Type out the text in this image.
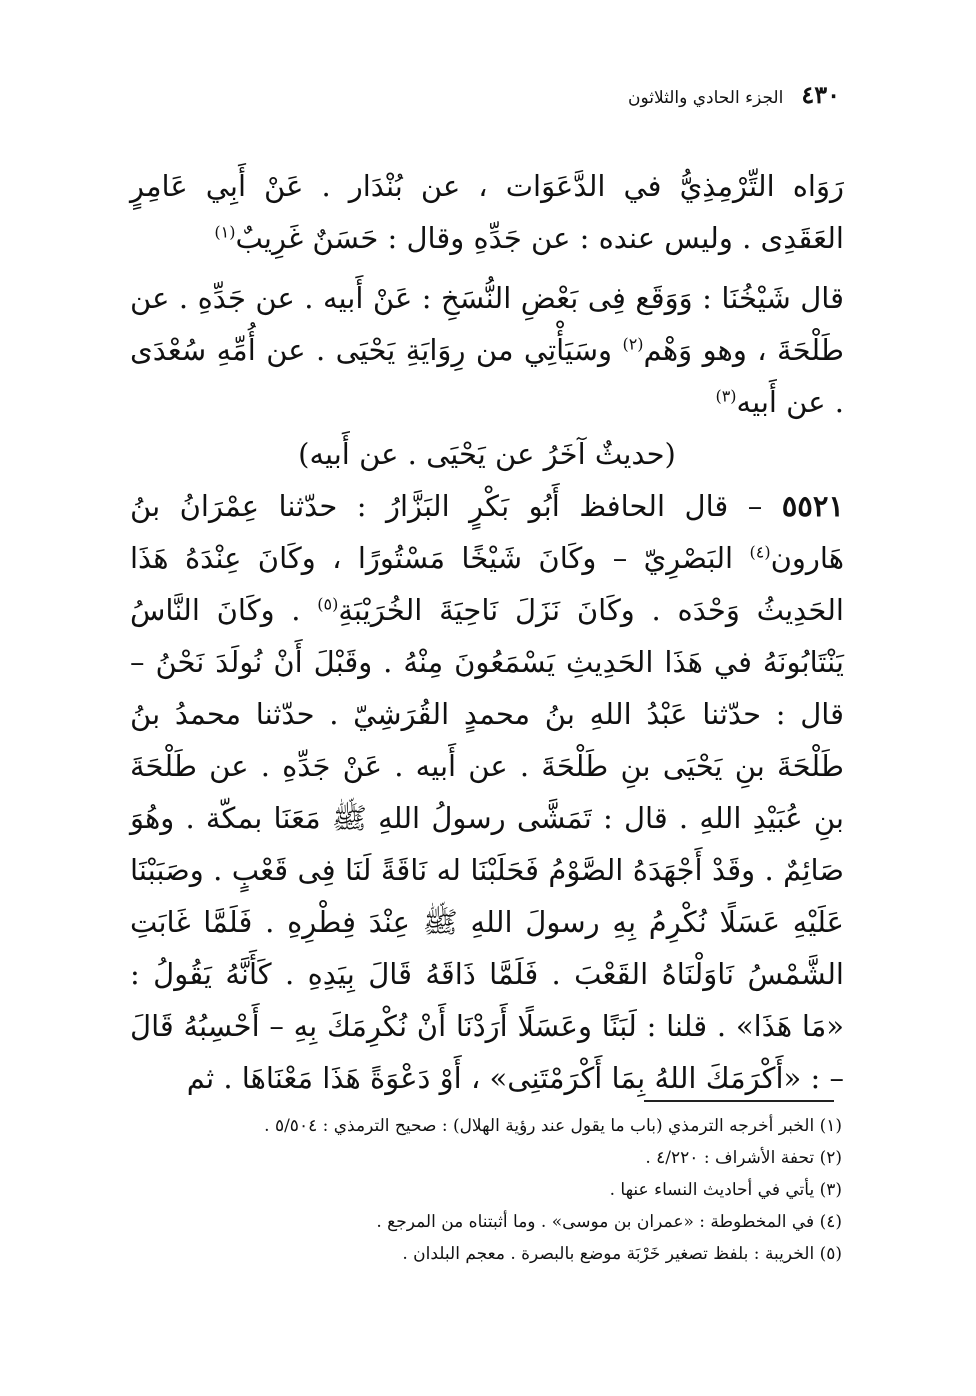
٤٣٠
الجزء الحادي والثلاثون

رَوَاه التِّرْمِذِيُّ في الدَّعَوَات ، عن بُنْدَار . عَنْ أَبِي عَامِرٍ العَقَدِى . وليس عنده : عن جَدِّهِ وقال : حَسَنٌ غَرِيبٌ$^{(١)}$

قال شَيْخُنَا : وَوَقَع فِى بَعْضِ النُّسَخِ : عَنْ أَبيه . عن جَدِّهِ . عن طَلْحَةَ ، وهو وَهْم$^{(٢)}$ وسَيَأْتِي من رِوَايَةِ يَحْيَى . عن أُمِّهِ سُعْدَى . عن أَبيه$^{(٣)}$

(حديثٌ آخَرُ عن يَحْيَى . عن أَبيه)

٥٥٢١ – قال الحافظ أَبُو بَكْرٍ البَزَّارُ : حدّثنا عِمْرَانُ بنُ هَارون$^{(٤)}$ البَصْرِيّ – وكَانَ شَيْخًا مَسْتُورًا ، وكَانَ عِنْدَهُ هَذَا الحَدِيثُ وَحْدَه . وكَانَ نَزَلَ نَاحِيَةَ الخُرَيْبَةِ$^{(٥)}$ . وكَانَ النَّاسُ يَنْتَابُونَهُ في هَذَا الحَدِيثِ يَسْمَعُونَ مِنْهُ . وقَبْلَ أَنْ نُولَدَ نَحْنُ – قال : حدّثنا عَبْدُ اللهِ بنُ محمدٍ القُرَشِيّ . حدّثنا محمدُ بنُ طَلْحَةَ بنِ يَحْيَى بنِ طَلْحَةَ . عن أَبيه . عَنْ جَدِّهِ . عن طَلْحَةَ بنِ عُبَيْدِ اللهِ . قال : تَمَشَّى رسولُ اللهِ ﷺ مَعَنَا بمكّة . وهُوَ صَائِمٌ . وقَدْ أَجْهَدَهُ الصَّوْمُ فَحَلَبْنَا له نَاقَةً لَنَا فِى قَعْبٍ . وصَبَبْنَا عَلَيْهِ عَسَلًا نُكْرِمُ بِهِ رسولَ اللهِ ﷺ عِنْدَ فِطْرِهِ . فَلَمَّا غَابَتِ الشَّمْسُ نَاوَلْنَاهُ القَعْبَ . فَلَمَّا ذَاقَهُ قَالَ بِيَدِهِ . كَأَنَّهُ يَقُولُ : «مَا هَذَا» . قلنا : لَبَنًا وعَسَلًا أَرَدْنَا أَنْ نُكْرِمَكَ بِهِ – أَحْسِبُهُ قَالَ – : «أَكْرَمَكَ اللهُ بِمَا أَكْرَمْتَنِى» ، أَوْ دَعْوَةً هَذَا مَعْنَاهَا . ثم

(١) الخبر أخرجه الترمذي (باب ما يقول عند رؤية الهلال) : صحيح الترمذي : ٥/٥٠٤ .

(٢) تحفة الأشراف : ٤/٢٢٠ .

(٣) يأتي في أحاديث النساء عنها .

(٤) في المخطوطة : «عمران بن موسى» . وما أثبتناه من المرجع .

(٥) الخريبة : بلفظ تصغير خَرْبَة موضع بالبصرة . معجم البلدان .
